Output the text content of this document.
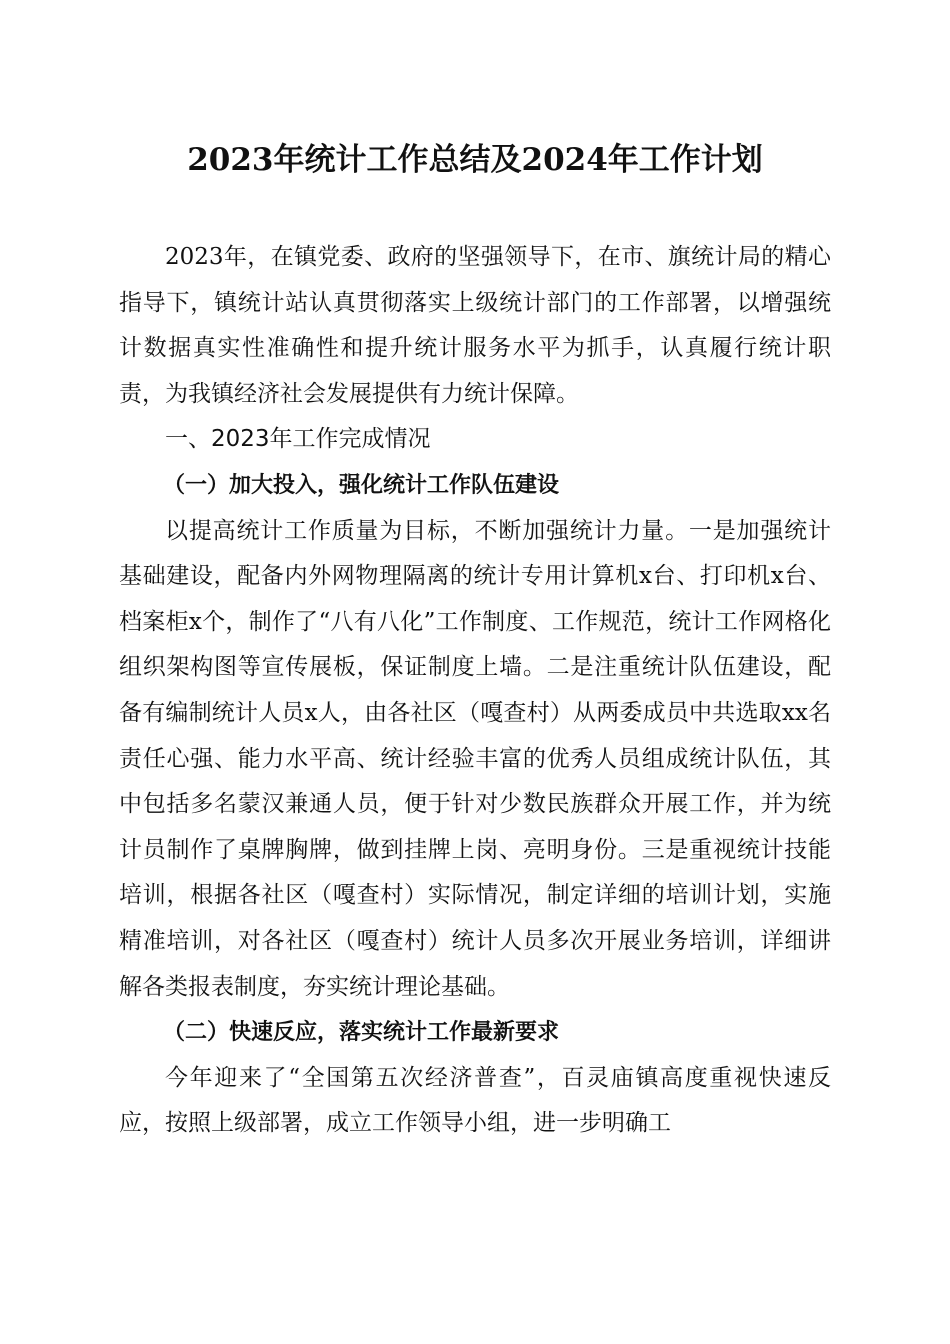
2023年统计工作总结及2024年工作计划

2023年，在镇党委、政府的坚强领导下，在市、旗统计局的精心指导下，镇统计站认真贯彻落实上级统计部门的工作部署，以增强统计数据真实性准确性和提升统计服务水平为抓手，认真履行统计职责，为我镇经济社会发展提供有力统计保障。

一、2023年工作完成情况

（一）加大投入，强化统计工作队伍建设

以提高统计工作质量为目标，不断加强统计力量。一是加强统计基础建设，配备内外网物理隔离的统计专用计算机x台、打印机x台、档案柜x个，制作了“八有八化”工作制度、工作规范，统计工作网格化组织架构图等宣传展板，保证制度上墙。二是注重统计队伍建设，配备有编制统计人员x人，由各社区（嘎查村）从两委成员中共选取xx名责任心强、能力水平高、统计经验丰富的优秀人员组成统计队伍，其中包括多名蒙汉兼通人员，便于针对少数民族群众开展工作，并为统计员制作了桌牌胸牌，做到挂牌上岗、亮明身份。三是重视统计技能培训，根据各社区（嘎查村）实际情况，制定详细的培训计划，实施精准培训，对各社区（嘎查村）统计人员多次开展业务培训，详细讲解各类报表制度，夯实统计理论基础。

（二）快速反应，落实统计工作最新要求

今年迎来了“全国第五次经济普查”，百灵庙镇高度重视快速反应，按照上级部署，成立工作领导小组，进一步明确工
